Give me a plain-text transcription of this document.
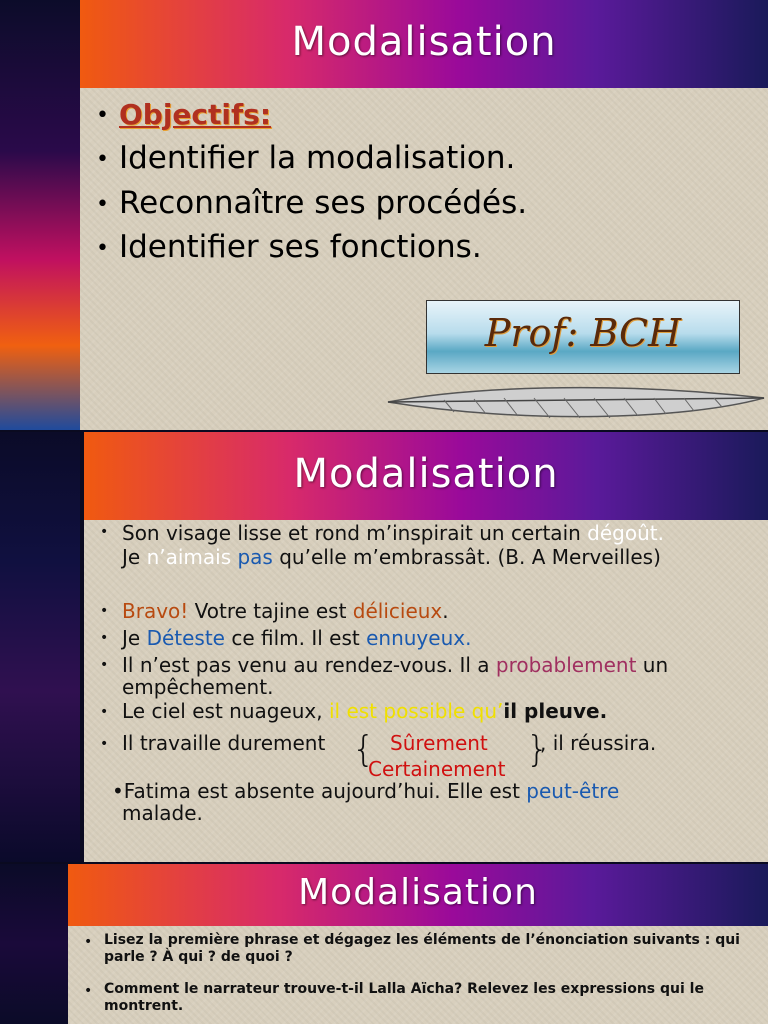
Modalisation
• Objectifs:
• Identifier la modalisation.
• Reconnaître ses procédés.
• Identifier ses fonctions.
Prof: BCH
Modalisation
• Son visage lisse et rond m’inspirait un certain dégoût.
Je n’aimais pas qu’elle m’embrassât. (B. A Merveilles)
• Bravo! Votre tajine est délicieux.
• Je Déteste ce film. Il est ennuyeux.
• Il n’est pas venu au rendez-vous. Il a probablement un
empêchement.
• Le ciel est nuageux, il est possible qu’il pleuve.
• Il travaille durement { Sûrement
Certainement }
, il réussira.
•Fatima est absente aujourd’hui. Elle est peut-être
malade.
Modalisation
• Lisez la première phrase et dégagez les éléments de l’énonciation suivants : qui
parle ? À qui ? de quoi ?
• Comment le narrateur trouve-t-il Lalla Aïcha? Relevez les expressions qui le
montrent.
